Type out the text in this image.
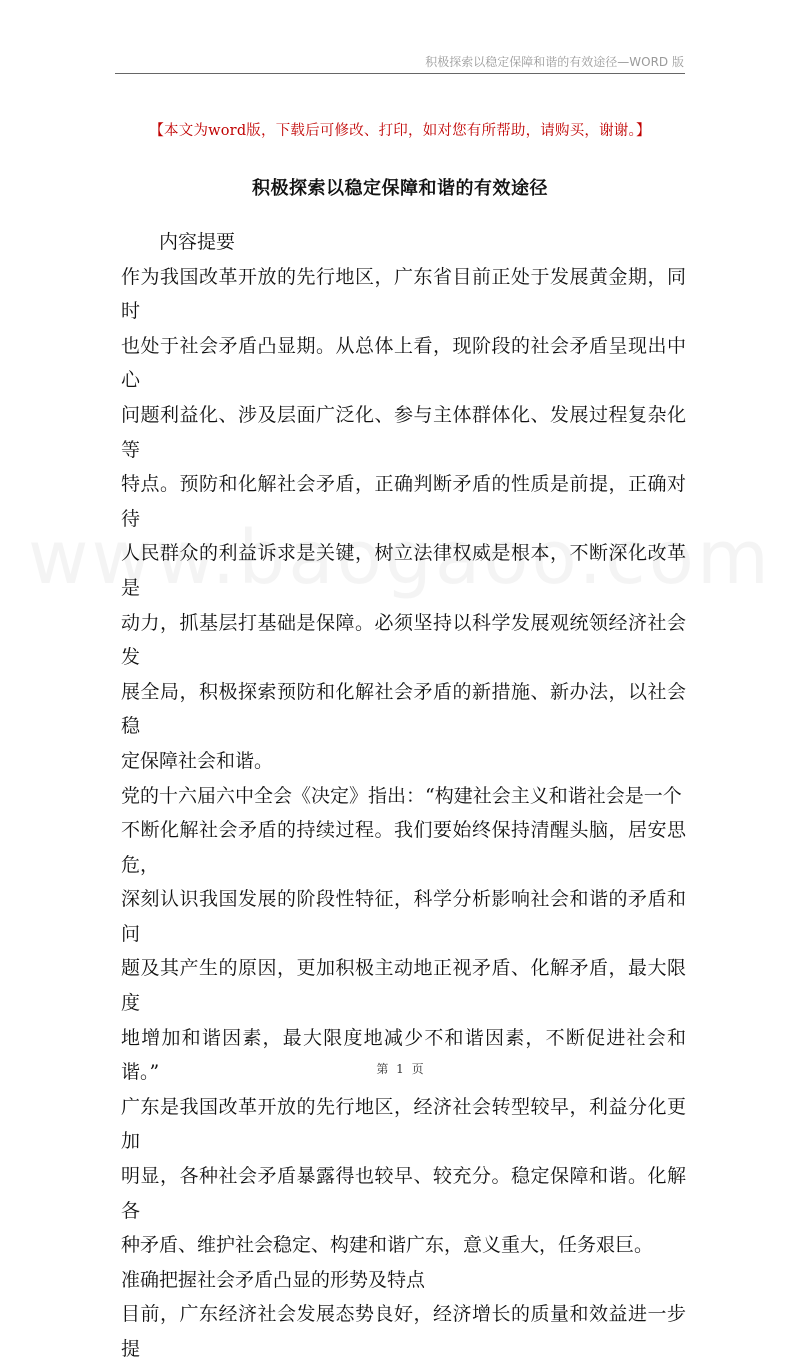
积极探索以稳定保障和谐的有效途径—WORD 版
【本文为word版，下载后可修改、打印，如对您有所帮助，请购买，谢谢。】
积极探索以稳定保障和谐的有效途径

内容提要

作为我国改革开放的先行地区，广东省目前正处于发展黄金期，同时
也处于社会矛盾凸显期。从总体上看，现阶段的社会矛盾呈现出中心
问题利益化、涉及层面广泛化、参与主体群体化、发展过程复杂化等
特点。预防和化解社会矛盾，正确判断矛盾的性质是前提，正确对待
人民群众的利益诉求是关键，树立法律权威是根本，不断深化改革是
动力，抓基层打基础是保障。必须坚持以科学发展观统领经济社会发
展全局，积极探索预防和化解社会矛盾的新措施、新办法，以社会稳
定保障社会和谐。

党的十六届六中全会《决定》指出：“构建社会主义和谐社会是一个
不断化解社会矛盾的持续过程。我们要始终保持清醒头脑，居安思危，
深刻认识我国发展的阶段性特征，科学分析影响社会和谐的矛盾和问
题及其产生的原因，更加积极主动地正视矛盾、化解矛盾，最大限度
地增加和谐因素，最大限度地减少不和谐因素，不断促进社会和谐。”

广东是我国改革开放的先行地区，经济社会转型较早，利益分化更加
明显，各种社会矛盾暴露得也较早、较充分。稳定保障和谐。化解各
种矛盾、维护社会稳定、构建和谐广东，意义重大，任务艰巨。

准确把握社会矛盾凸显的形势及特点

目前，广东经济社会发展态势良好，经济增长的质量和效益进一步提

第 1 页
